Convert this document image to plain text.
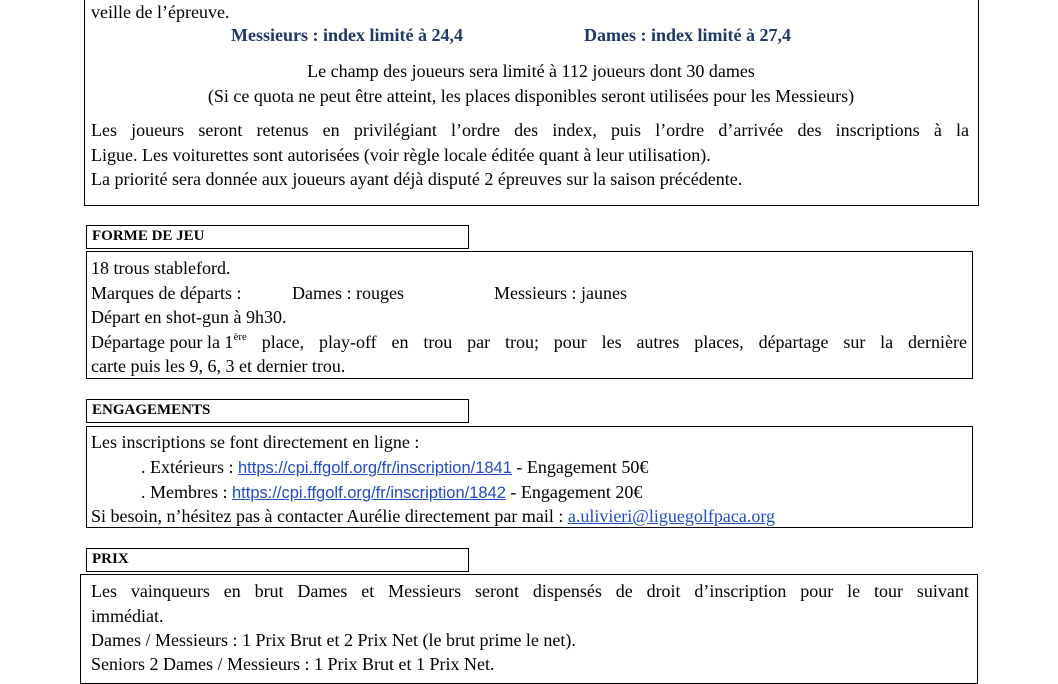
veille de l’épreuve.
Messieurs : index limité à 24,4	Dames : index limité à 27,4
Le champ des joueurs sera limité à 112 joueurs dont 30 dames
(Si ce quota ne peut être atteint, les places disponibles seront utilisées pour les Messieurs)
Les joueurs seront retenus en privilégiant l’ordre des index, puis l’ordre d’arrivée des inscriptions à la
Ligue. Les voiturettes sont autorisées (voir règle locale éditée quant à leur utilisation).
La priorité sera donnée aux joueurs ayant déjà disputé 2 épreuves sur la saison précédente.
FORME DE JEU
18 trous stableford.
Marques de départs :	Dames : rouges	Messieurs : jaunes
Départ en shot-gun à 9h30.
Départage pour la 1ère place, play-off en trou par trou; pour les autres places, départage sur la dernière
carte puis les 9, 6, 3 et dernier trou.
ENGAGEMENTS
Les inscriptions se font directement en ligne :
. Extérieurs : https://cpi.ffgolf.org/fr/inscription/1841 - Engagement 50€
. Membres : https://cpi.ffgolf.org/fr/inscription/1842 - Engagement 20€
Si besoin, n’hésitez pas à contacter Aurélie directement par mail : a.ulivieri@liguegolfpaca.org
PRIX
Les vainqueurs en brut Dames et Messieurs seront dispensés de droit d’inscription pour le tour suivant
immédiat.
Dames / Messieurs : 1 Prix Brut et 2 Prix Net (le brut prime le net).
Seniors 2 Dames / Messieurs : 1 Prix Brut et 1 Prix Net.
